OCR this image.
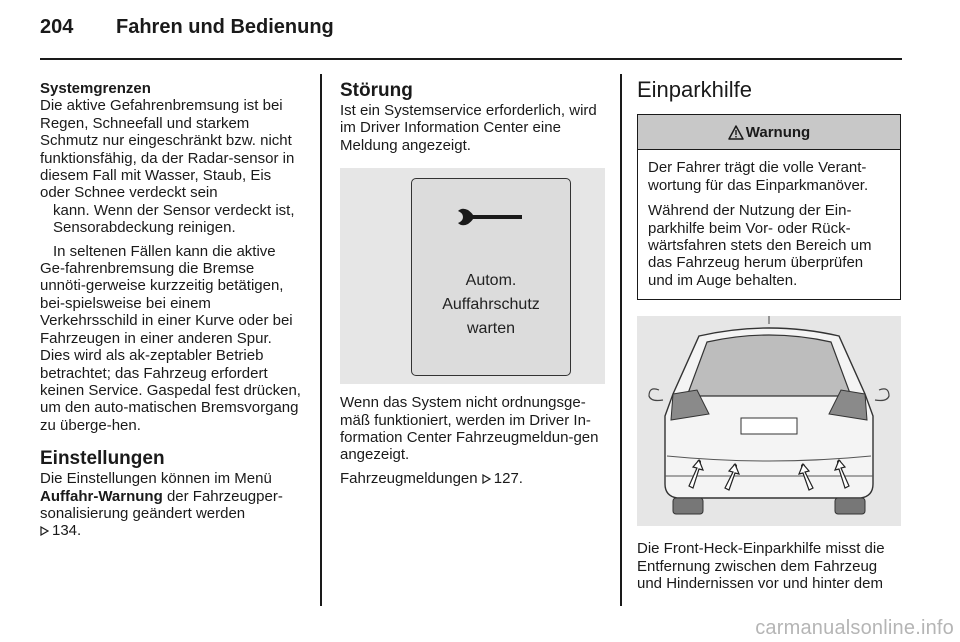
204 Fahren und Bedienung

Systemgrenzen

Die aktive Gefahrenbremsung ist bei Regen, Schneefall und starkem Schmutz nur eingeschränkt bzw. nicht funktionsfähig, da der Radar-sensor in diesem Fall mit Wasser, Staub, Eis oder Schnee verdeckt sein

kann. Wenn der Sensor verdeckt ist, Sensorabdeckung reinigen.

In seltenen Fällen kann die aktive Ge-fahrenbremsung die Bremse unnöti-gerweise kurzzeitig betätigen, bei-spielsweise bei einem Verkehrsschild in einer Kurve oder bei Fahrzeugen in einer anderen Spur. Dies wird als ak-zeptabler Betrieb betrachtet; das Fahrzeug erfordert keinen Service. Gaspedal fest drücken, um den auto-matischen Bremsvorgang zu überge-hen.

Einstellungen

Die Einstellungen können im Menü
Auffahr-Warnung der Fahrzeugper-sonalisierung geändert werden
134.

Störung

Ist ein Systemservice erforderlich, wird im Driver Information Center eine Meldung angezeigt.

Autom.
Auffahrschutz
warten

Wenn das System nicht ordnungsge-mäß funktioniert, werden im Driver In-formation Center Fahrzeugmeldun-gen angezeigt.

Fahrzeugmeldungen 127.

Einparkhilfe

Warnung

Der Fahrer trägt die volle Verant-wortung für das Einparkmanöver.

Während der Nutzung der Ein-parkhilfe beim Vor- oder Rück-wärtsfahren stets den Bereich um das Fahrzeug herum überprüfen und im Auge behalten.

Die Front-Heck-Einparkhilfe misst die Entfernung zwischen dem Fahrzeug und Hindernissen vor und hinter dem

carmanualsonline.info
